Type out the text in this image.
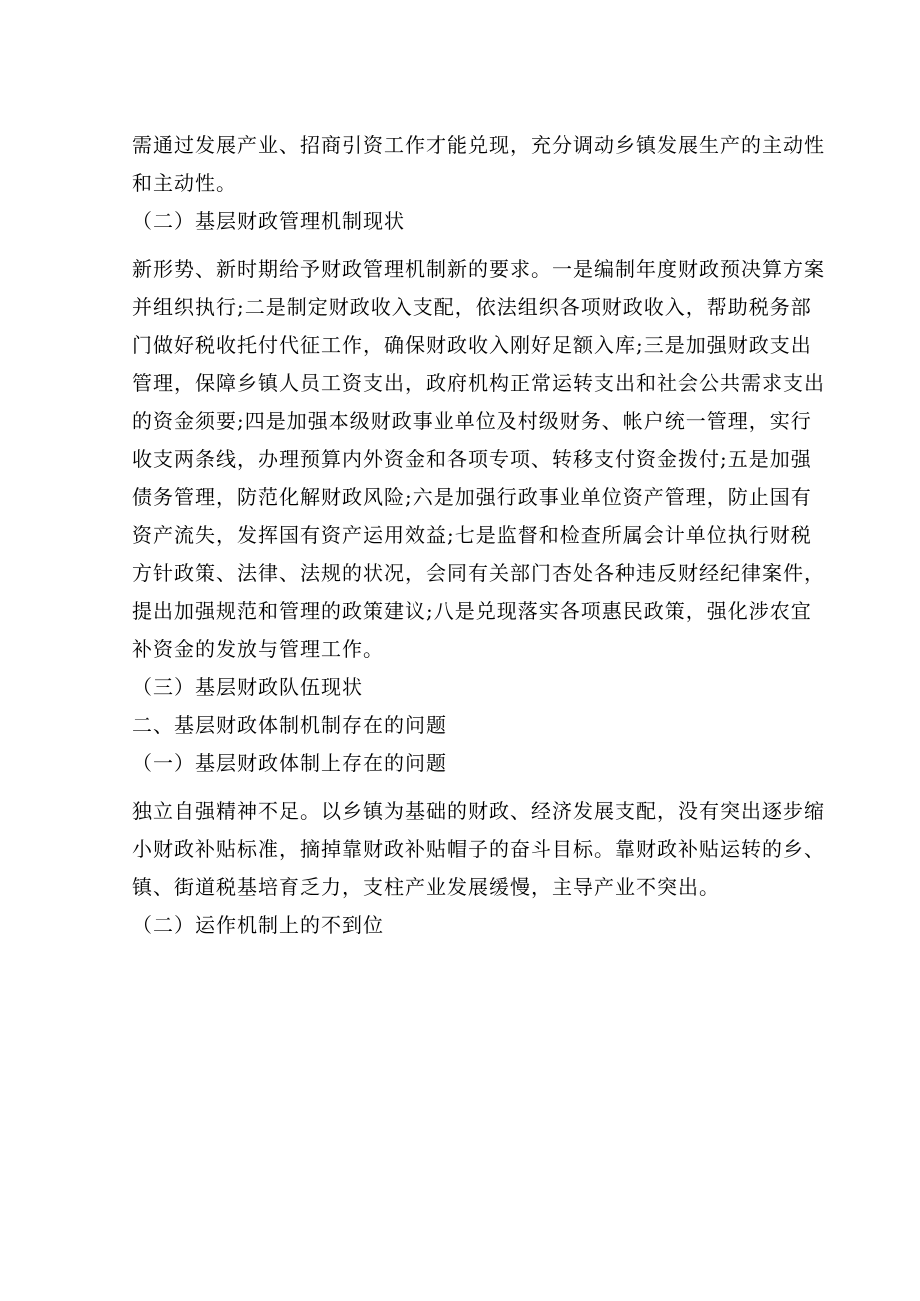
需通过发展产业、招商引资工作才能兑现，充分调动乡镇发展生产的主动性
和主动性。

（二）基层财政管理机制现状

新形势、新时期给予财政管理机制新的要求。一是编制年度财政预决算方案
并组织执行;二是制定财政收入支配，依法组织各项财政收入，帮助税务部
门做好税收托付代征工作，确保财政收入刚好足额入库;三是加强财政支出
管理，保障乡镇人员工资支出，政府机构正常运转支出和社会公共需求支出
的资金须要;四是加强本级财政事业单位及村级财务、帐户统一管理，实行
收支两条线，办理预算内外资金和各项专项、转移支付资金拨付;五是加强
债务管理，防范化解财政风险;六是加强行政事业单位资产管理，防止国有
资产流失，发挥国有资产运用效益;七是监督和检查所属会计单位执行财税
方针政策、法律、法规的状况，会同有关部门杏处各种违反财经纪律案件，
提出加强规范和管理的政策建议;八是兑现落实各项惠民政策，强化涉农宜
补资金的发放与管理工作。

（三）基层财政队伍现状

二、基层财政体制机制存在的问题

（一）基层财政体制上存在的问题

独立自强精神不足。以乡镇为基础的财政、经济发展支配，没有突出逐步缩
小财政补贴标准，摘掉靠财政补贴帽子的奋斗目标。靠财政补贴运转的乡、
镇、街道税基培育乏力，支柱产业发展缓慢，主导产业不突出。

（二）运作机制上的不到位
